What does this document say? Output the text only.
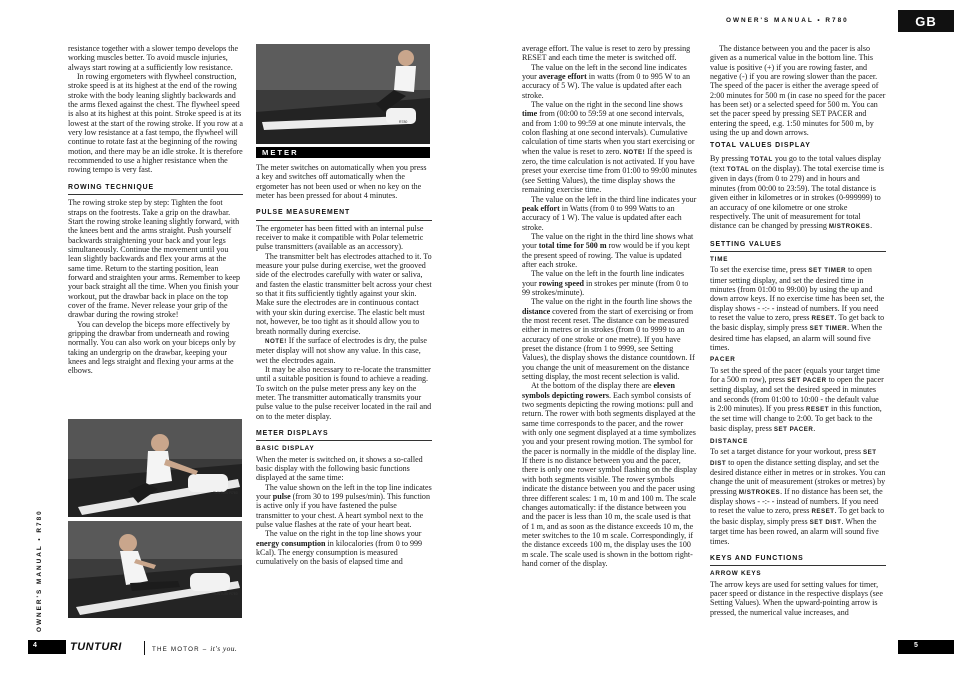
OWNER'S MANUAL • R780	GB
OWNER'S MANUAL • R780

resistance together with a slower tempo develops the working muscles better. To avoid muscle injuries, always start rowing at a sufficiently low resistance.

In rowing ergometers with flywheel construction, stroke speed is at its highest at the end of the rowing stroke with the body leaning slightly backwards and the arms flexed against the chest. The flywheel speed is also at its highest at this point. Stroke speed is at its lowest at the start of the rowing stroke. If you row at a very low resistance at a fast tempo, the flywheel will continue to rotate fast at the beginning of the rowing motion, and there may be an idle stroke. It is therefore recommended to use a higher resistance when the rowing tempo is very fast.

ROWING TECHNIQUE

The rowing stroke step by step: Tighten the foot straps on the footrests. Take a grip on the drawbar. Start the rowing stroke leaning slightly forward, with the knees bent and the arms straight. Push yourself backwards straightening your back and your legs simultaneously. Continue the movement until you lean slightly backwards and flex your arms at the same time. Return to the starting position, lean forward and straighten your arms. Remember to keep your back straight all the time. When you finish your workout, put the drawbar back in place on the top cover of the frame. Never release your grip of the drawbar during the rowing stroke!

You can develop the biceps more effectively by gripping the drawbar from underneath and rowing normally. You can also work on your biceps only by taking an undergrip on the drawbar, keeping your knees and legs straight and flexing your arms at the elbows.

TUNTURI R780
TUNTURI R780
R780
METER

The meter switches on automatically when you press a key and switches off automatically when the ergometer has not been used or when no key on the meter has been pressed for about 4 minutes.

PULSE MEASUREMENT

The ergometer has been fitted with an internal pulse receiver to make it compatible with Polar telemetric pulse transmitters (available as an accessory).

The transmitter belt has electrodes attached to it. To measure your pulse during exercise, wet the grooved side of the electrodes carefully with water or saliva, and fasten the elastic transmitter belt across your chest so that it fits sufficiently tightly against your skin. Make sure the electrodes are in continuous contact with your skin during exercise. The elastic belt must not, however, be too tight as it should allow you to breath normally during exercise.

NOTE! If the surface of electrodes is dry, the pulse meter display will not show any value. In this case, wet the electrodes again.

It may be also necessary to re-locate the transmitter until a suitable position is found to achieve a reading. To switch on the pulse meter press any key on the meter. The transmitter automatically transmits your pulse value to the pulse receiver located in the rail and on to the meter display.

METER DISPLAYS
BASIC DISPLAY

When the meter is switched on, it shows a so-called basic display with the following basic functions displayed at the same time:

The value shown on the left in the top line indicates your pulse (from 30 to 199 pulses/min). This function is active only if you have fastened the pulse transmitter to your chest. A heart symbol next to the pulse value flashes at the rate of your heart beat.

The value on the right in the top line shows your energy consumption in kilocalories (from 0 to 999 kCal). The energy consumption is measured cumulatively on the basis of elapsed time and

average effort. The value is reset to zero by pressing RESET and each time the meter is switched off.

The value on the left in the second line indicates your average effort in watts (from 0 to 995 W to an accuracy of 5 W). The value is updated after each stroke.

The value on the right in the second line shows time from (00:00 to 59:59 at one second intervals, and from 1:00 to 99:59 at one minute intervals, the colon flashing at one second intervals). Cumulative calculation of time starts when you start exercising or when the value is reset to zero. NOTE! If the speed is zero, the time calculation is not activated. If you have preset your exercise time from 01:00 to 99:00 minutes (see Setting Values), the time display shows the remaining exercise time.

The value on the left in the third line indicates your peak effort in Watts (from 0 to 999 Watts to an accuracy of 1 W). The value is updated after each stroke.

The value on the right in the third line shows what your total time for 500 m row would be if you kept the present speed of rowing. The value is updated after each stroke.

The value on the left in the fourth line indicates your rowing speed in strokes per minute (from 0 to 99 strokes/minute).

The value on the right in the fourth line shows the distance covered from the start of exercising or from the most recent reset. The distance can be measured either in metres or in strokes (from 0 to 9999 to an accuracy of one stroke or one metre). If you have preset the distance (from 1 to 9999, see Setting Values), the display shows the distance countdown. If you change the unit of measurement on the distance setting display, the most recent selection is valid.

At the bottom of the display there are eleven symbols depicting rowers. Each symbol consists of two segments depicting the rowing motions: pull and return. The rower with both segments displayed at the same time corresponds to the pacer, and the rower with only one segment displayed at a time symbolizes you and your present rowing motion. The symbol for the pacer is normally in the middle of the display line. If there is no distance between you and the pacer, there is only one rower symbol flashing on the display with both segments visible. The rower symbols indicate the distance between you and the pacer using three different scales: 1 m, 10 m and 100 m. The scale changes automatically: if the distance between you and the pacer is less than 10 m, the scale used is that of 1 m, and as soon as the distance exceeds 10 m, the meter switches to the 10 m scale. Correspondingly, if the distance exceeds 100 m, the display uses the 100 m scale. The scale used is shown in the bottom right-hand corner of the display.

The distance between you and the pacer is also given as a numerical value in the bottom line. This value is positive (+) if you are rowing faster, and negative (-) if you are rowing slower than the pacer. The speed of the pacer is either the average speed of 2:00 minutes for 500 m (in case no speed for the pacer has been set) or a selected speed for 500 m. You can set the pacer speed by pressing SET PACER and entering the speed, e.g. 1:50 minutes for 500 m, by using the up and down arrows.

TOTAL VALUES DISPLAY

By pressing TOTAL you go to the total values display (text TOTAL on the display). The total exercise time is given in days (from 0 to 279) and in hours and minutes (from 00:00 to 23:59). The total distance is given either in kilometres or in strokes (0-999999) to an accuracy of one kilometre or one stroke respectively. The unit of measurement for total distance can be changed by pressing M/STROKES.

SETTING VALUES
TIME

To set the exercise time, press SET TIMER to open timer setting display, and set the desired time in minutes (from 01:00 to 99:00) by using the up and down arrow keys. If no exercise time has been set, the display shows - -:- - instead of numbers. If you need to reset the value to zero, press RESET. To get back to the basic display, simply press SET TIMER. When the desired time has elapsed, an alarm will sound five times.

PACER

To set the speed of the pacer (equals your target time for a 500 m row), press SET PACER to open the pacer setting display, and set the desired speed in minutes and seconds (from 01:00 to 10:00 - the default value is 2:00 minutes). If you press RESET in this function, the set time will change to 2:00. To get back to the basic display, press SET PACER.

DISTANCE

To set a target distance for your workout, press SET DIST to open the distance setting display, and set the desired distance either in metres or in strokes. You can change the unit of measurement (strokes or metres) by pressing M/STROKES. If no distance has been set, the display shows - -:- - instead of numbers. If you need to reset the value to zero, press RESET. To get back to the basic display, simply press SET DIST. When the target time has been rowed, an alarm will sound five times.

KEYS AND FUNCTIONS
ARROW KEYS

The arrow keys are used for setting values for timer, pacer speed or distance in the respective displays (see Setting Values). When the upward-pointing arrow is pressed, the numerical value increases, and

4	TUNTURI	THE MOTOR – it's you.	5
